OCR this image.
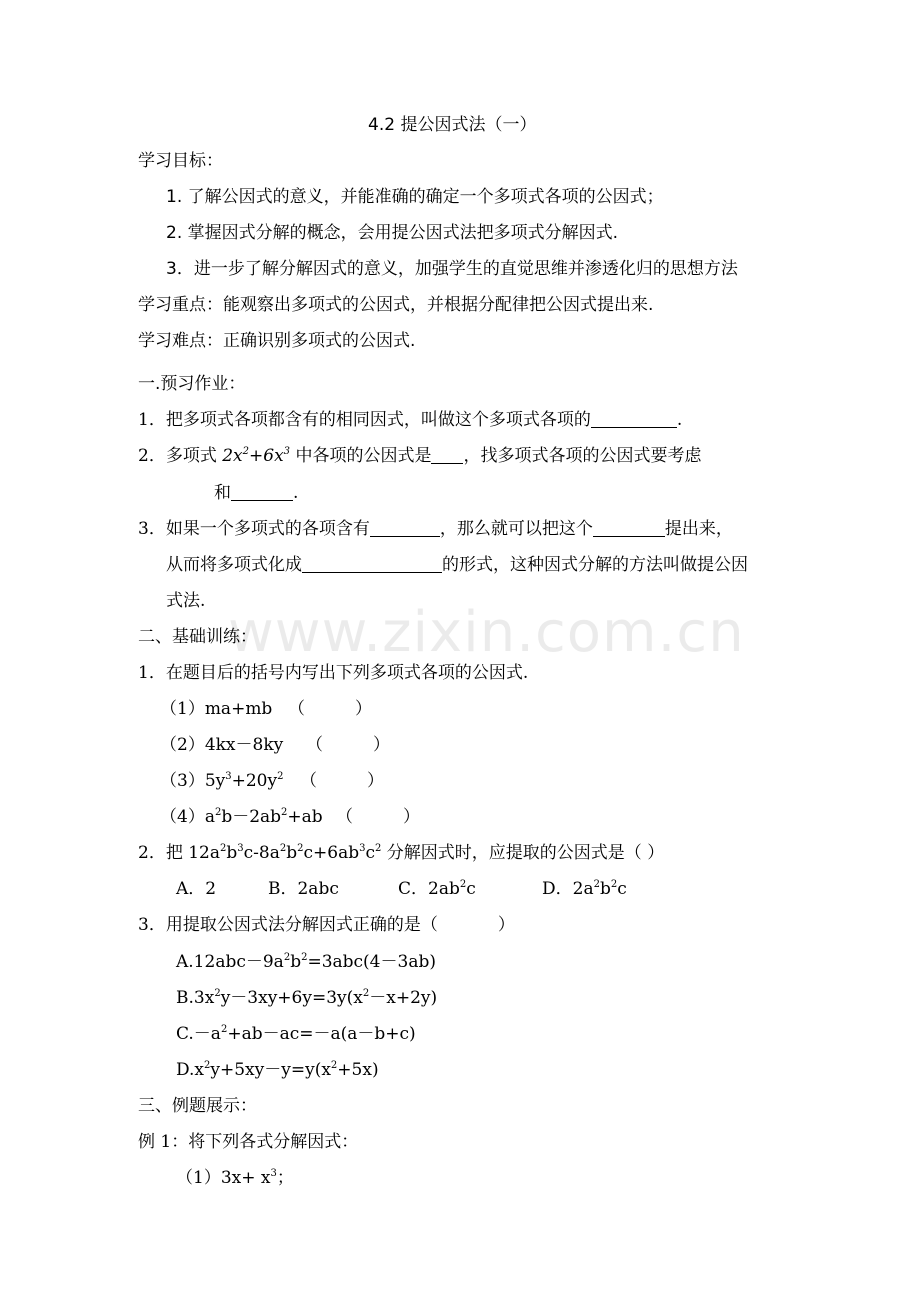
www.zixin.com.cn
4.2 提公因式法（一）
学习目标：
1. 了解公因式的意义，并能准确的确定一个多项式各项的公因式；
2. 掌握因式分解的概念，会用提公因式法把多项式分解因式.
3．进一步了解分解因式的意义，加强学生的直觉思维并渗透化归的思想方法
学习重点：能观察出多项式的公因式，并根据分配律把公因式提出来.
学习难点：正确识别多项式的公因式.
一.预习作业：
1．把多项式各项都含有的相同因式，叫做这个多项式各项的	.
2．多项式 $2x^2+6x^3$ 中各项的公因式是 ，找多项式各项的公因式要考虑
和	.
3．如果一个多项式的各项含有	，那么就可以把这个	提出来，
从而将多项式化成	的形式，这种因式分解的方法叫做提公因
式法.
二、基础训练：
1．在题目后的括号内写出下列多项式各项的公因式.
（1）ma+mb （	）
（2）4kx－8ky （	）
$(3)5y^3+20y^2$ （	）
$(4)a^2b-2ab^2+ab$ （	）
2．把 $12a^2b^3c-8a^2b^2c+6ab^3c^2$ 分解因式时，应提取的公因式是（ ）
A．2	B．2abc	C．$2ab^2c$	D．$2a^2b^2c$
3．用提取公因式法分解因式正确的是（	）
$A.12abc-9a^2b^2=3abc(4-3ab)$
$B.3x^2y-3xy+6y=3y(x^2-x+2y)$
$C.-a^2+ab-ac=-a(a-b+c)$
$D.x^2y+5xy-y=y(x^2+5x)$
三、例题展示：
例 1：将下列各式分解因式：
$(1)3x+ x^3$；
